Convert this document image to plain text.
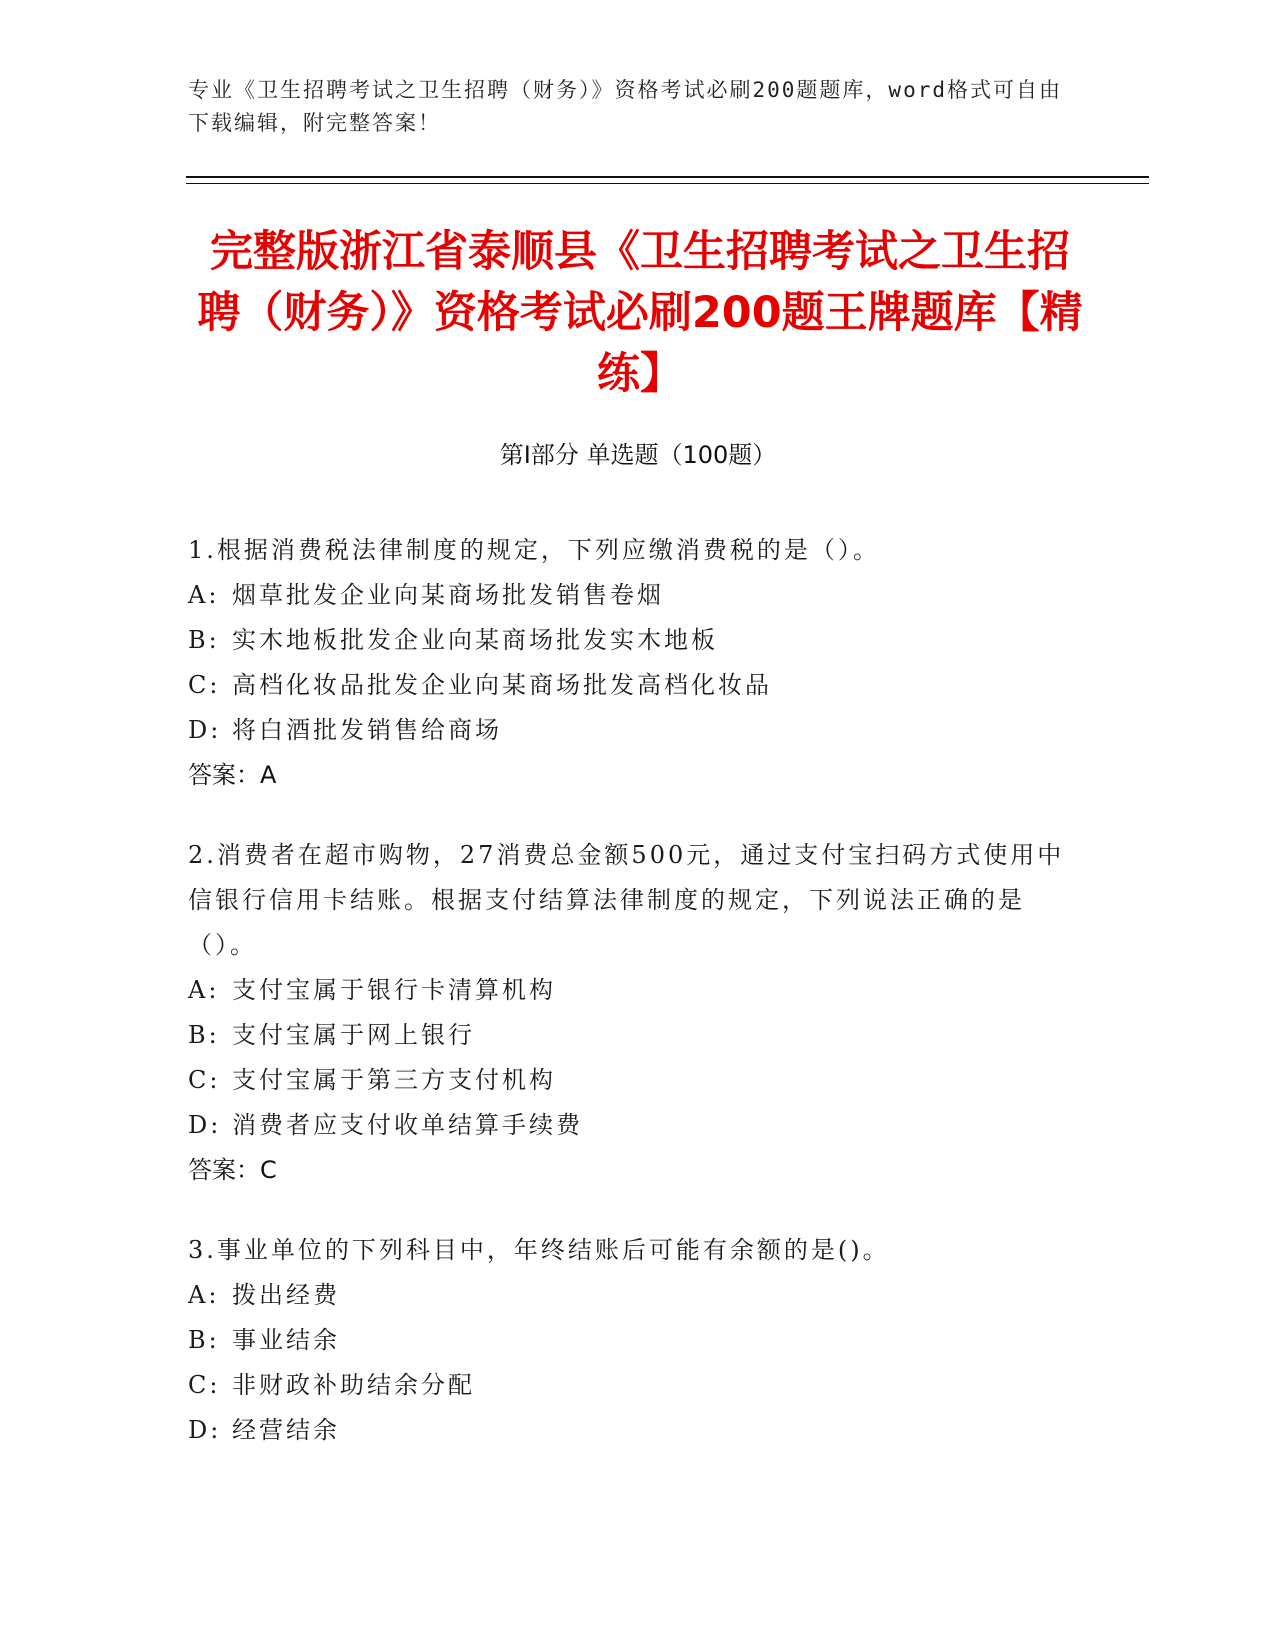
专业《卫生招聘考试之卫生招聘（财务）》资格考试必刷200题题库，word格式可自由下载编辑，附完整答案！
完整版浙江省泰顺县《卫生招聘考试之卫生招聘（财务）》资格考试必刷200题王牌题库【精练】
第Ⅰ部分 单选题（100题）
1.根据消费税法律制度的规定，下列应缴消费税的是（）。
A: 烟草批发企业向某商场批发销售卷烟
B: 实木地板批发企业向某商场批发实木地板
C: 高档化妆品批发企业向某商场批发高档化妆品
D: 将白酒批发销售给商场
答案：A
2.消费者在超市购物，27消费总金额500元，通过支付宝扫码方式使用中信银行信用卡结账。根据支付结算法律制度的规定，下列说法正确的是（）。
A: 支付宝属于银行卡清算机构
B: 支付宝属于网上银行
C: 支付宝属于第三方支付机构
D: 消费者应支付收单结算手续费
答案：C
3.事业单位的下列科目中，年终结账后可能有余额的是()。
A: 拨出经费
B: 事业结余
C: 非财政补助结余分配
D: 经营结余
